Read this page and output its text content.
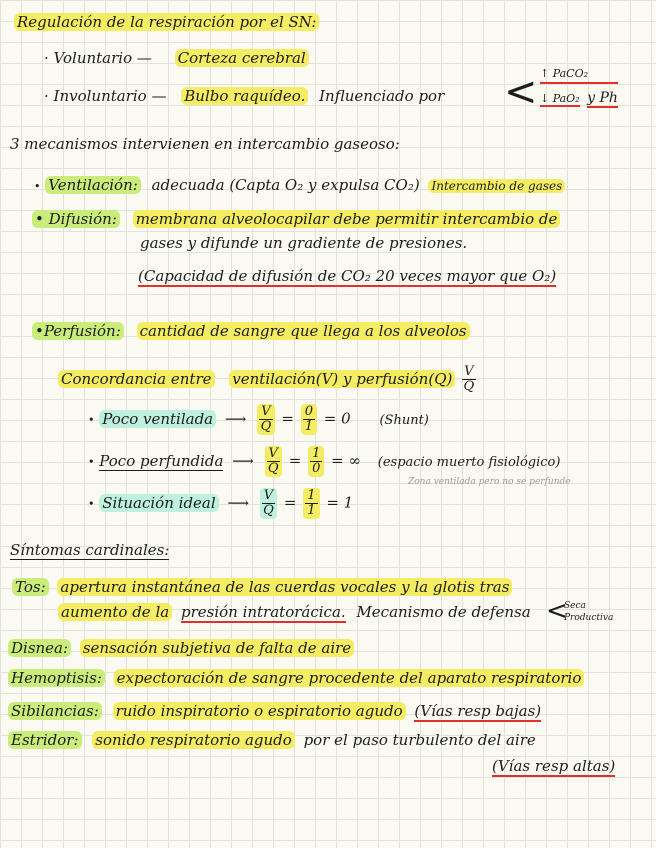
Regulación de la respiración por el SN:
· Voluntario — Corteza cerebral
· Involuntario — Bulbo raquídeo. Influenciado por < ↑ PaCO₂
↓ PaO₂ y Ph
3 mecanismos intervienen en intercambio gaseoso:
• Ventilación: adecuada (Capta O₂ y expulsa CO₂) Intercambio de gases
• Difusión: membrana alveolocapilar debe permitir intercambio de
gases y difunde un gradiente de presiones.
(Capacidad de difusión de CO₂ 20 veces mayor que O₂)
•Perfusión: cantidad de sangre que llega a los alveolos
Concordancia entre ventilación(V) y perfusión(Q) $\frac{V}{Q}$
• Poco ventilada ⟶ $\frac{V}{Q} = \frac{0}{1} = 0$ (Shunt)
• Poco perfundida ⟶ $\frac{V}{Q} = \frac{1}{0}$ = ∞ (espacio muerto fisiológico)
Zona ventilada pero no se perfunde
• Situación ideal ⟶ $\frac{V}{Q} = \frac{1}{1} = 1$
Síntomas cardinales:
Tos: apertura instantánea de las cuerdas vocales y la glotis tras
aumento de la presión intratorácica. Mecanismo de defensa <
Seca
Productiva
Disnea: sensación subjetiva de falta de aire
Hemoptisis: expectoración de sangre procedente del aparato respiratorio
Sibilancias: ruido inspiratorio o espiratorio agudo (Vías resp bajas)
Estridor: sonido respiratorio agudo por el paso turbulento del aire
(Vías resp altas)
